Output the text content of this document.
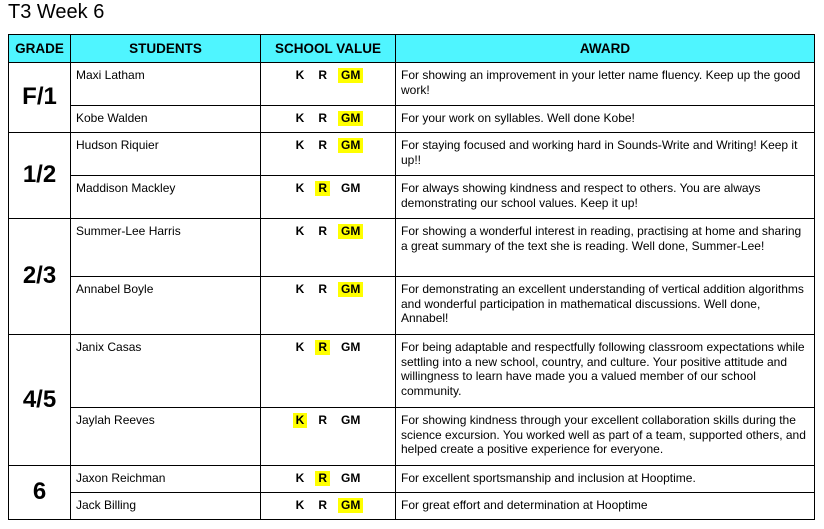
T3 Week 6
GRADE	STUDENTS	SCHOOL VALUE	AWARD
F/1	Maxi Latham	K R GM	For showing an improvement in your letter name fluency. Keep up the good work!
	Kobe Walden	K R GM	For your work on syllables. Well done Kobe!
1/2	Hudson Riquier	K R GM	For staying focused and working hard in Sounds-Write and Writing! Keep it up!!
	Maddison Mackley	K R GM	For always showing kindness and respect to others. You are always demonstrating our school values. Keep it up!
2/3	Summer-Lee Harris	K R GM	For showing a wonderful interest in reading, practising at home and sharing a great summary of the text she is reading. Well done, Summer-Lee!
	Annabel Boyle	K R GM	For demonstrating an excellent understanding of vertical addition algorithms and wonderful participation in mathematical discussions. Well done, Annabel!
4/5	Janix Casas	K R GM	For being adaptable and respectfully following classroom expectations while settling into a new school, country, and culture. Your positive attitude and willingness to learn have made you a valued member of our school community.
	Jaylah Reeves	K R GM	For showing kindness through your excellent collaboration skills during the science excursion. You worked well as part of a team, supported others, and helped create a positive experience for everyone.
6	Jaxon Reichman	K R GM	For excellent sportsmanship and inclusion at Hooptime.
	Jack Billing	K R GM	For great effort and determination at Hooptime
